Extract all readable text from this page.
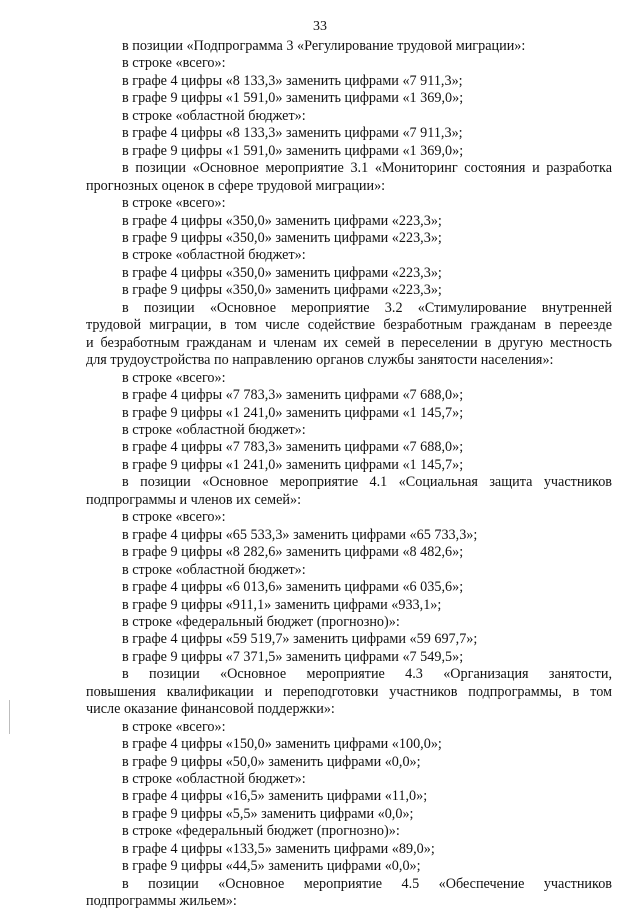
33
в позиции «Подпрограмма 3 «Регулирование трудовой миграции»:
в строке «всего»:
в графе 4 цифры «8 133,3» заменить цифрами «7 911,3»;
в графе 9 цифры «1 591,0» заменить цифрами «1 369,0»;
в строке «областной бюджет»:
в графе 4 цифры «8 133,3» заменить цифрами «7 911,3»;
в графе 9 цифры «1 591,0» заменить цифрами «1 369,0»;
в позиции «Основное мероприятие 3.1 «Мониторинг состояния и разработка
прогнозных оценок в сфере трудовой миграции»:
в строке «всего»:
в графе 4 цифры «350,0» заменить цифрами «223,3»;
в графе 9 цифры «350,0» заменить цифрами «223,3»;
в строке «областной бюджет»:
в графе 4 цифры «350,0» заменить цифрами «223,3»;
в графе 9 цифры «350,0» заменить цифрами «223,3»;
в позиции «Основное мероприятие 3.2 «Стимулирование внутренней
трудовой миграции, в том числе содействие безработным гражданам в переезде
и безработным гражданам и членам их семей в переселении в другую местность
для трудоустройства по направлению органов службы занятости населения»:
в строке «всего»:
в графе 4 цифры «7 783,3» заменить цифрами «7 688,0»;
в графе 9 цифры «1 241,0» заменить цифрами «1 145,7»;
в строке «областной бюджет»:
в графе 4 цифры «7 783,3» заменить цифрами «7 688,0»;
в графе 9 цифры «1 241,0» заменить цифрами «1 145,7»;
в позиции «Основное мероприятие 4.1 «Социальная защита участников
подпрограммы и членов их семей»:
в строке «всего»:
в графе 4 цифры «65 533,3» заменить цифрами «65 733,3»;
в графе 9 цифры «8 282,6» заменить цифрами «8 482,6»;
в строке «областной бюджет»:
в графе 4 цифры «6 013,6» заменить цифрами «6 035,6»;
в графе 9 цифры «911,1» заменить цифрами «933,1»;
в строке «федеральный бюджет (прогнозно)»:
в графе 4 цифры «59 519,7» заменить цифрами «59 697,7»;
в графе 9 цифры «7 371,5» заменить цифрами «7 549,5»;
в позиции «Основное мероприятие 4.3 «Организация занятости,
повышения квалификации и переподготовки участников подпрограммы, в том
числе оказание финансовой поддержки»:
в строке «всего»:
в графе 4 цифры «150,0» заменить цифрами «100,0»;
в графе 9 цифры «50,0» заменить цифрами «0,0»;
в строке «областной бюджет»:
в графе 4 цифры «16,5» заменить цифрами «11,0»;
в графе 9 цифры «5,5» заменить цифрами «0,0»;
в строке «федеральный бюджет (прогнозно)»:
в графе 4 цифры «133,5» заменить цифрами «89,0»;
в графе 9 цифры «44,5» заменить цифрами «0,0»;
в позиции «Основное мероприятие 4.5 «Обеспечение участников
подпрограммы жильем»:
